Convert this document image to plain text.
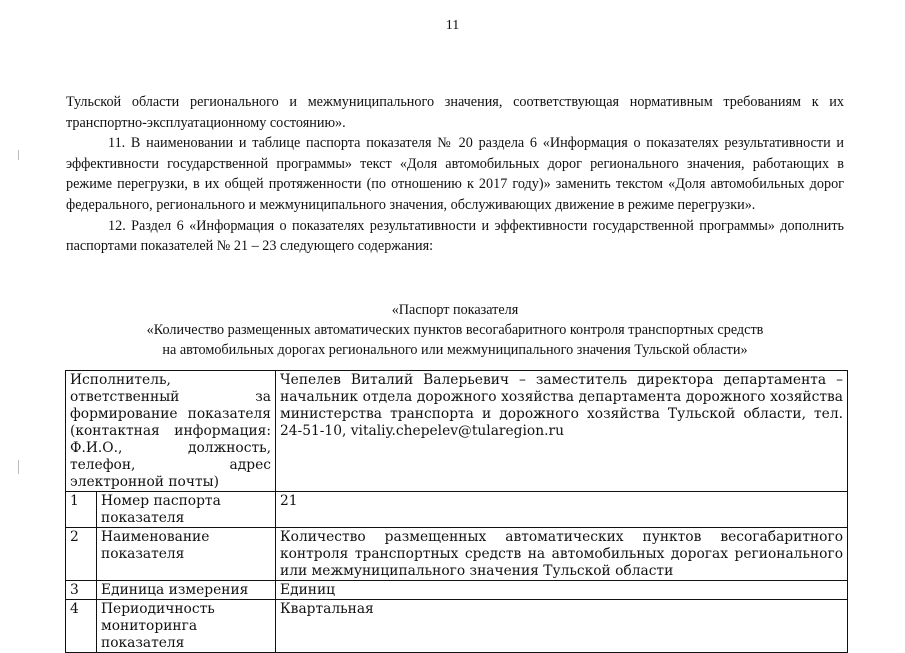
11

Тульской области регионального и межмуниципального значения, соответствующая нормативным требованиям к их транспортно-эксплуатационному состоянию».

11. В наименовании и таблице паспорта показателя № 20 раздела 6 «Информация о показателях результативности и эффективности государственной программы» текст «Доля автомобильных дорог регионального значения, работающих в режиме перегрузки, в их общей протяженности (по отношению к 2017 году)» заменить текстом «Доля автомобильных дорог федерального, регионального и межмуниципального значения, обслуживающих движение в режиме перегрузки».

12. Раздел 6 «Информация о показателях результативности и эффективности государственной программы» дополнить паспортами показателей № 21 – 23 следующего содержания:

«Паспорт показателя
«Количество размещенных автоматических пунктов весогабаритного контроля транспортных средств
на автомобильных дорогах регионального или межмуниципального значения Тульской области»
Исполнитель, ответственный за формирование показателя (контактная информация: Ф.И.О., должность, телефон, адрес электронной почты)		Чепелев Виталий Валерьевич – заместитель директора департамента – начальник отдела дорожного хозяйства департамента дорожного хозяйства министерства транспорта и дорожного хозяйства Тульской области, тел. 24-51-10, vitaliy.chepelev@tularegion.ru
1	Номер паспорта показателя	21
2	Наименование показателя	Количество размещенных автоматических пунктов весогабаритного контроля транспортных средств на автомобильных дорогах регионального или межмуниципального значения Тульской области
3	Единица измерения	Единиц
4	Периодичность мониторинга показателя	Квартальная
